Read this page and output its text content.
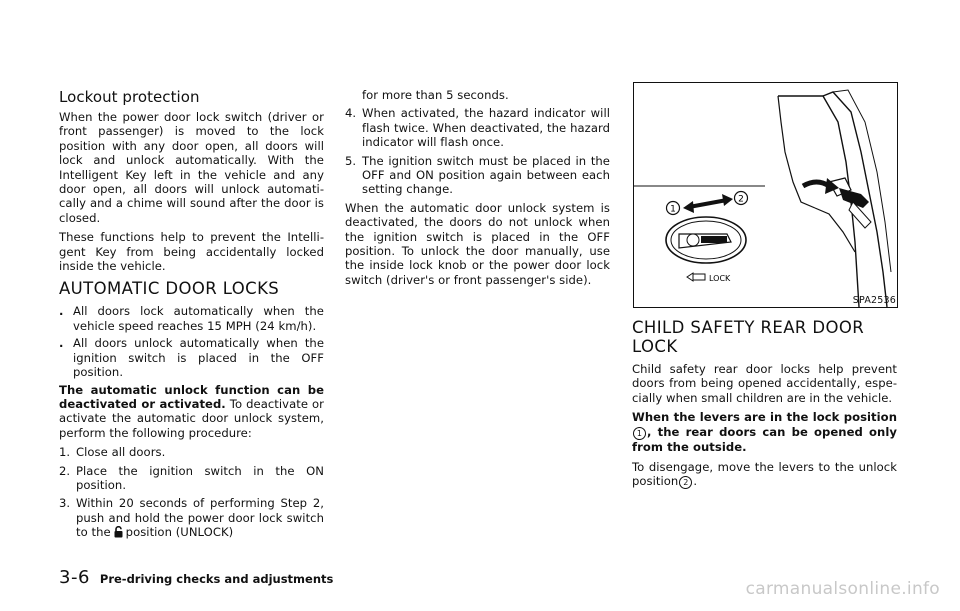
Lockout protection

When the power door lock switch (driver or front passenger) is moved to the lock position with any door open, all doors will lock and unlock automatically. With the Intelligent Key left in the vehicle and any door open, all doors will unlock automatically and a chime will sound after the door is closed.

These functions help to prevent the Intelligent Key from being accidentally locked inside the vehicle.

AUTOMATIC DOOR LOCKS
. All doors lock automatically when the vehicle speed reaches 15 MPH (24 km/h).
. All doors unlock automatically when the ignition switch is placed in the OFF position.

The automatic unlock function can be deactivated or activated. To deactivate or activate the automatic door unlock system, perform the following procedure:

1. Close all doors.
2. Place the ignition switch in the ON position.
3. Within 20 seconds of performing Step 2, push and hold the power door lock switch to the position (UNLOCK)
for more than 5 seconds.
4. When activated, the hazard indicator will flash twice. When deactivated, the hazard indicator will flash once.
5. The ignition switch must be placed in the OFF and ON position again between each setting change.

When the automatic door unlock system is deactivated, the doors do not unlock when the ignition switch is placed in the OFF position. To unlock the door manually, use the inside lock knob or the power door lock switch (driver's or front passenger's side).

1
2
LOCK
SPA2536
CHILD SAFETY REAR DOOR LOCK

Child safety rear door locks help prevent doors from being opened accidentally, especially when small children are in the vehicle.

When the levers are in the lock position1 , the rear doors can be opened only from the outside.

To disengage, move the levers to the unlock position 2 .

3-6 Pre-driving checks and adjustments	carmanualsonline.info
